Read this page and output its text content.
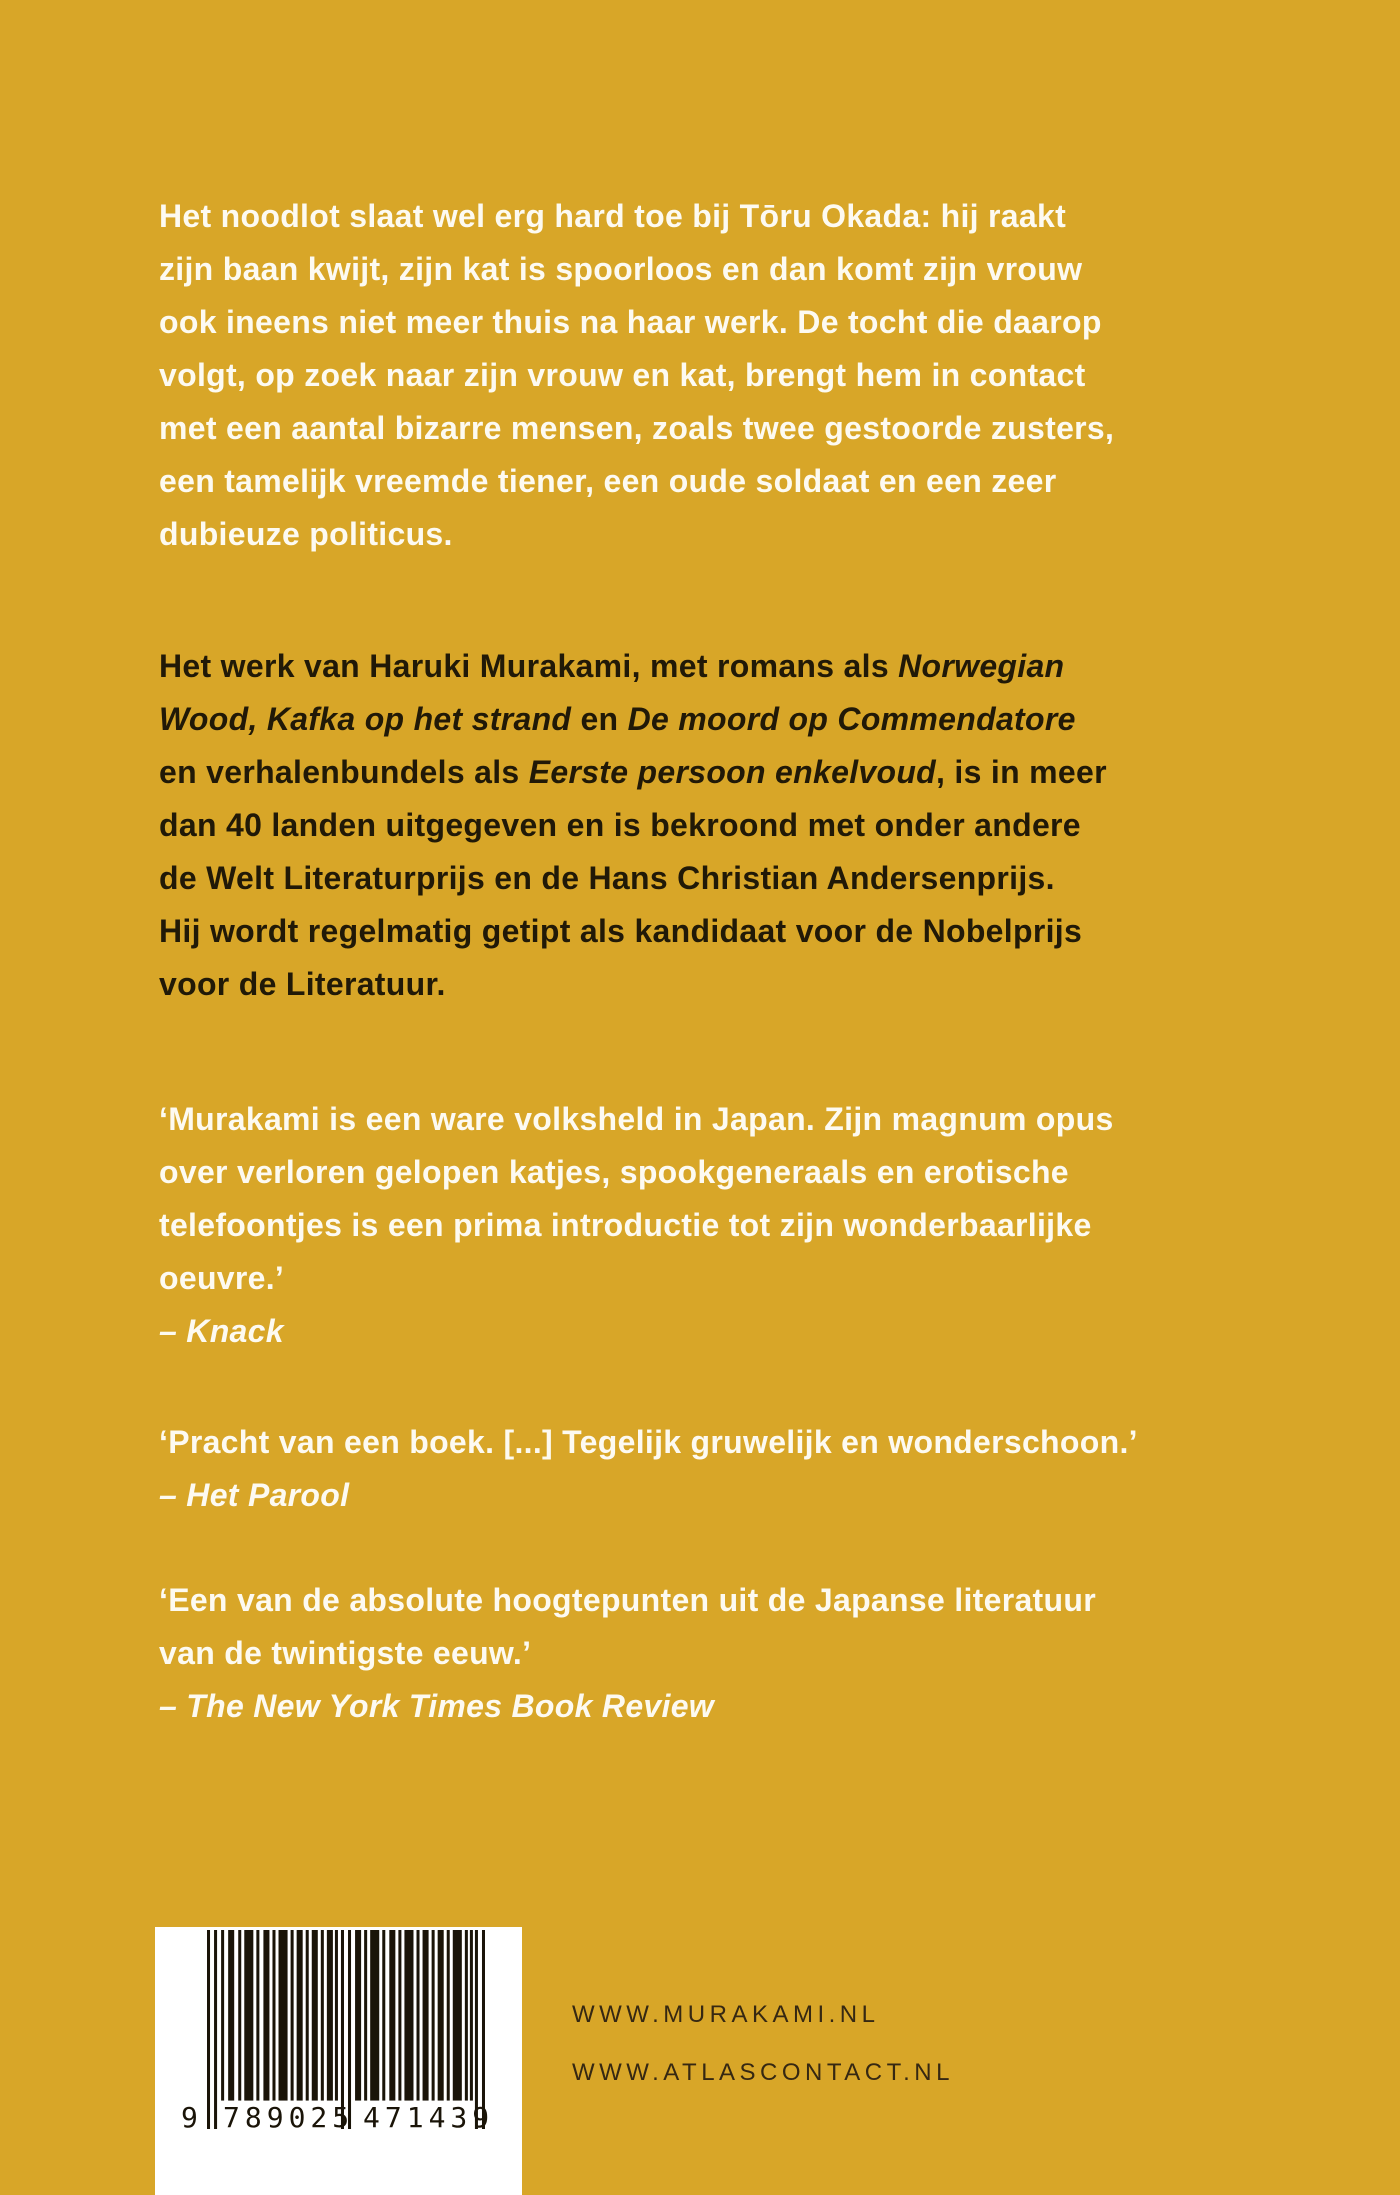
Het noodlot slaat wel erg hard toe bij Tōru Okada: hij raakt
zijn baan kwijt, zijn kat is spoorloos en dan komt zijn vrouw
ook ineens niet meer thuis na haar werk. De tocht die daarop
volgt, op zoek naar zijn vrouw en kat, brengt hem in contact
met een aantal bizarre mensen, zoals twee gestoorde zusters,
een tamelijk vreemde tiener, een oude soldaat en een zeer
dubieuze politicus.
Het werk van Haruki Murakami, met romans als Norwegian
Wood, Kafka op het strand en De moord op Commendatore
en verhalenbundels als Eerste persoon enkelvoud, is in meer
dan 40 landen uitgegeven en is bekroond met onder andere
de Welt Literaturprijs en de Hans Christian Andersenprijs.
Hij wordt regelmatig getipt als kandidaat voor de Nobelprijs
voor de Literatuur.
‘Murakami is een ware volksheld in Japan. Zijn magnum opus
over verloren gelopen katjes, spookgeneraals en erotische
telefoontjes is een prima introductie tot zijn wonderbaarlijke
oeuvre.’
– Knack
‘Pracht van een boek. [...] Tegelijk gruwelijk en wonderschoon.’
– Het Parool
‘Een van de absolute hoogtepunten uit de Japanse literatuur
van de twintigste eeuw.’
– The New York Times Book Review
9 789025 471439
WWW.MURAKAMI.NL
WWW.ATLASCONTACT.NL
